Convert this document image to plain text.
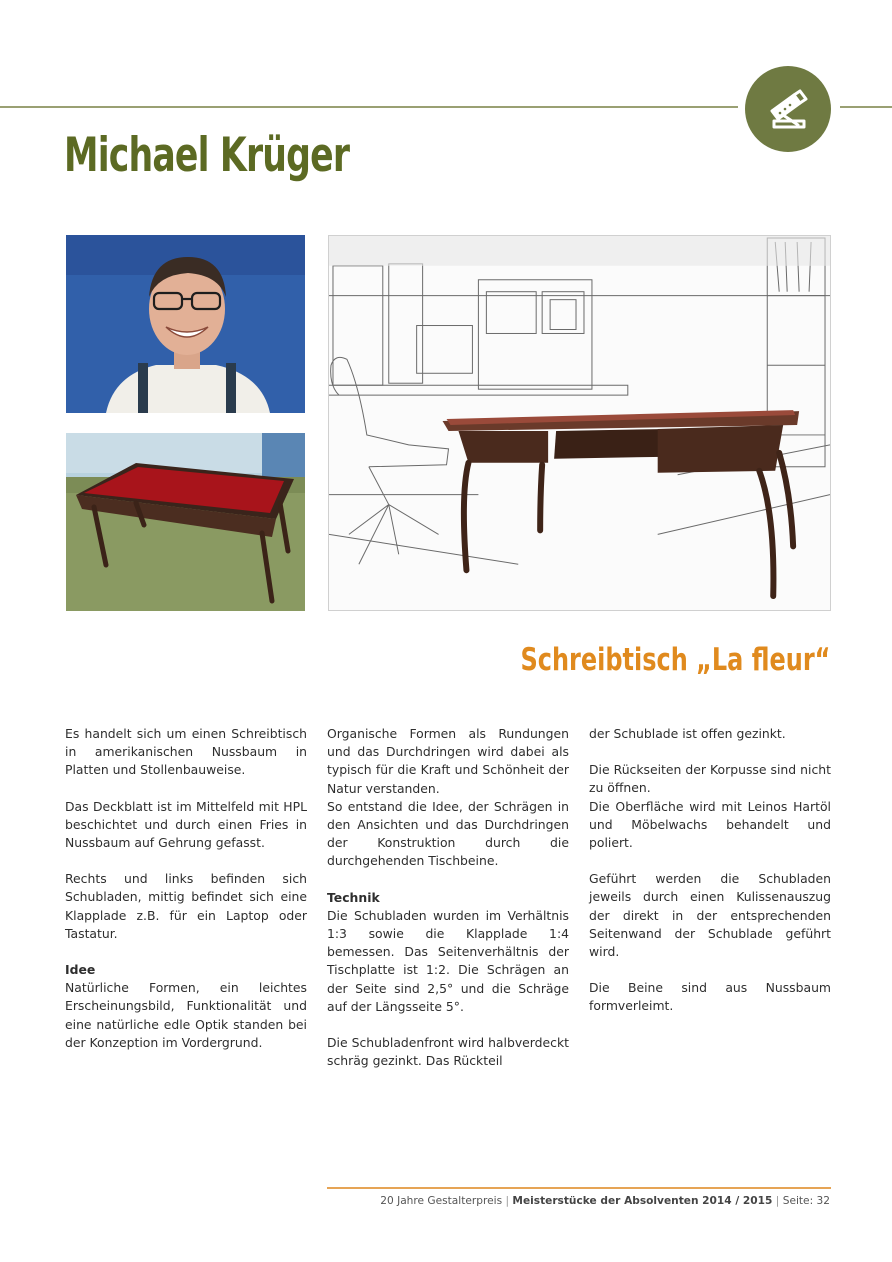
Michael Krüger
Schreibtisch „La fleur“

Es handelt sich um einen Schreibtisch in amerikanischen Nussbaum in Platten und Stollenbauweise.

Das Deckblatt ist im Mittelfeld mit HPL beschichtet und durch einen Fries in Nussbaum auf Gehrung gefasst.

Rechts und links befinden sich Schubladen, mittig befindet sich eine Klapplade z.B. für ein Laptop oder Tastatur.

Idee

Natürliche Formen, ein leichtes Erscheinungsbild, Funktionalität und eine natürliche edle Optik standen bei der Konzeption im Vordergrund.

Organische Formen als Rundungen und das Durchdringen wird dabei als typisch für die Kraft und Schönheit der Natur verstanden.

So entstand die Idee, der Schrägen in den Ansichten und das Durchdringen der Konstruktion durch die durchgehenden Tischbeine.

Technik

Die Schubladen wurden im Verhältnis 1:3 sowie die Klapplade 1:4 bemessen. Das Seitenverhältnis der Tischplatte ist 1:2. Die Schrägen an der Seite sind 2,5° und die Schräge auf der Längsseite 5°.

Die Schubladenfront wird halbverdeckt schräg gezinkt. Das Rückteil

der Schublade ist offen gezinkt.

Die Rückseiten der Korpusse sind nicht zu öffnen.

Die Oberfläche wird mit Leinos Hartöl und Möbelwachs behandelt und poliert.

Geführt werden die Schubladen jeweils durch einen Kulissenauszug der direkt in der entsprechenden Seitenwand der Schublade geführt wird.

Die Beine sind aus Nussbaum formverleimt.

20 Jahre Gestalterpreis | Meisterstücke der Absolventen 2014 / 2015 | Seite: 32
